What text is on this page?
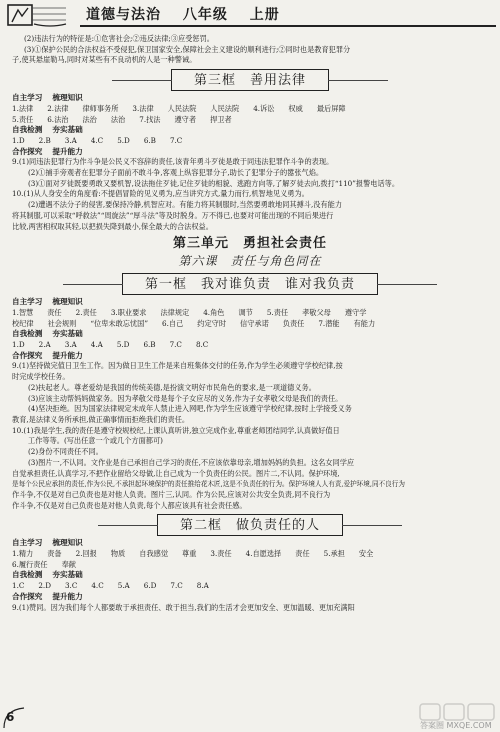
道德与法治 八年级 上册

(2)违法行为的特征是:①危害社会;②违反法律;③应受惩罚。

(3)①保护公民的合法权益不受侵犯,保卫国家安全,保障社会主义建设的顺利进行;②同时也是教育犯罪分

子,使其悬崖勒马,同时对某些有不良动机的人是一种警诫。

第三框　善用法律

自主学习 梳理知识

1.法律 2.法律 律师事务所 3.法律 人民法院 人民法院 4.诉讼 权威 最后屏障

5.责任 6.法治 法治 法治 7.找法 遵守者 捍卫者

自我检测 夯实基础

1.D 2.B 3.A 4.C 5.D 6.B 7.C

合作探究 提升能力

9.(1)同违法犯罪行为作斗争是公民义不容辞的责任,该青年勇斗歹徒是敢于同违法犯罪作斗争的表现。

(2)①捕手旁观者在犯罪分子面前不敢斗争,客观上纵容犯罪分子,助长了犯罪分子的嚣张气焰。

(3)①面对歹徒既要勇敢又要机智,设法拖住歹徒,记住歹徒的相貌、逃跑方向等,了解歹徒去向,拨打“110”报警电话等。

10.(1)从人身安全的角度看:不提倡冒险的见义勇为,应当讲究方式,量力而行,机智地见义勇为。

(2)遭遇不法分子的侵害,要保持冷静,机智应对。有能力将其制服时,当然要勇敢地同其搏斗,没有能力

将其制服,可以采取“呼救法”“周旋法”“厚斗法”等及时脱身。万不得已,也要对可能出现的不同后果进行

比较,两害相权取其轻,以把损失降到最小,保全最大的合法权益。

第三单元　勇担社会责任
第六课　责任与角色同在
第一框　我对谁负责　谁对我负责

自主学习 梳理知识

1.智慧 责任 2.责任 3.职业要求 法律规定 4.角色 调节 5.责任 孝敬父母 遵守学

校纪律 社会规则 “位卑未敢忘忧国” 6.自己 约定守时 信守承诺 负责任 7.潜能 有能力

自我检测 夯实基础

1.D 2.A 3.A 4.A 5.D 6.B 7.C 8.C

合作探究 提升能力

9.(1)坚持做完值日卫生工作。因为做日卫生工作是来自班集体交付的任务,作为学生必须遵守学校纪律,按

时完成学校任务。

(2)扶起老人。尊老爱幼是我国的传统美德,是扮演文明好市民角色的要求,是一项道德义务。

(3)应该主动帮妈妈做家务。因为孝敬父母是每个子女应尽的义务,作为子女孝敬父母是我们的责任。

(4)坚决拒绝。因为国家法律规定未成年人禁止进入网吧,作为学生应该遵守学校纪律,按时上学接受义务

教育,是法律义务所承担,做正确事情而拒绝我们的责任。

10.(1)我是学生,我的责任是遵守校规校纪,上课认真听讲,独立完成作业,尊重老师团结同学,认真做好值日

工作等等。(写出任意一个或几个方面都可)

(2)身份不同责任不同。

(3)图片一,不认同。文作业是自己承担自己学习的责任,不应该依靠母亲,增加妈妈的负担。这名女同学应

自觉承担责任,认真学习,不把作业留给父母做,让自己成为一个负责任的公民。图片二,不认同。保护环境,

是每个公民应承担的责任,作为公民,不承担起环境保护的责任推给花木匠,这是不负责任的行为。保护环境人人有责,爱护环境,同不良行为

作斗争,不仅是对自己负责也是对他人负责。图片三,认同。作为公民,应该对公共安全负责,同不良行为

作斗争,不仅是对自己负责也是对他人负责,每个人都应该具有社会责任感。

第二框　做负责任的人

自主学习 梳理知识

1.精力 责备 2.回报 物质 自我感觉 尊重 3.责任 4.自愿选择 责任 5.承担 安全

6.履行责任 奉献

自我检测 夯实基础

1.C 2.D 3.C 4.C 5.A 6.D 7.C 8.A

合作探究 提升能力

9.(1)赞同。因为我们每个人都要敢于承担责任、敢于担当,我们的生活才会更加安全、更加温暖、更加充满阳

6
答案圈 MXQE.COM
